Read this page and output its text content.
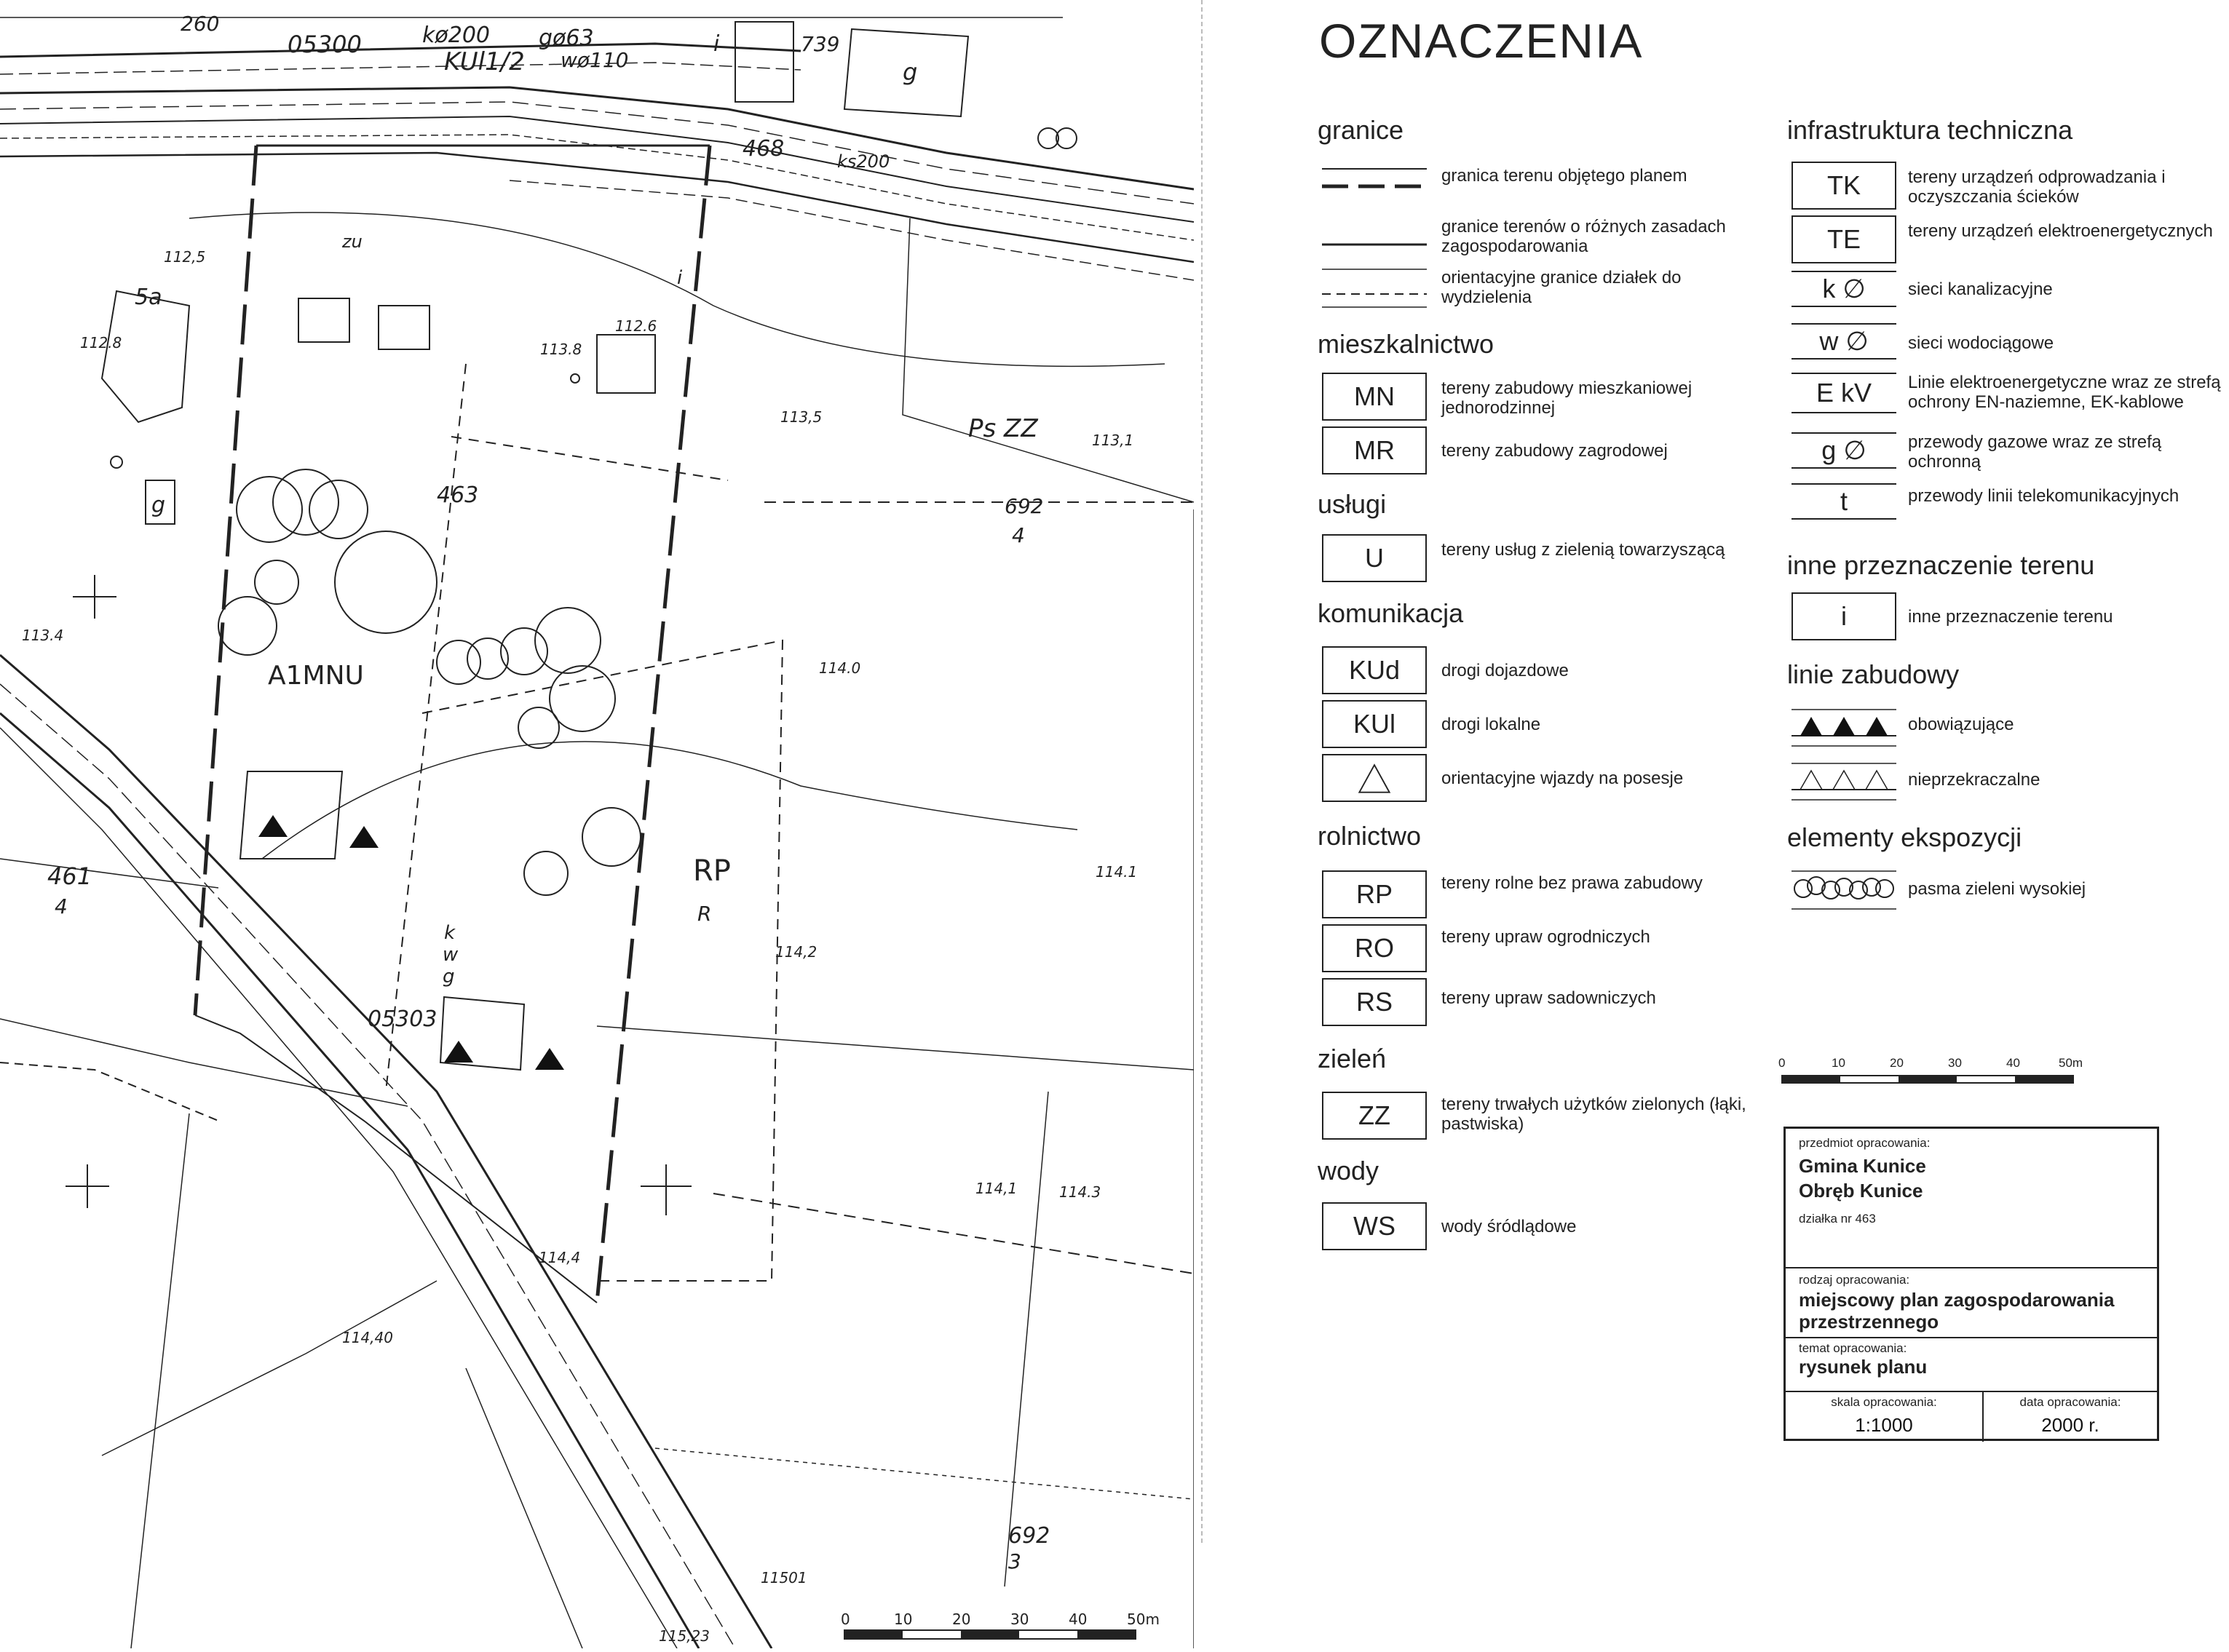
260
05300	kø200 gø63
KUl1/2 wø110
739
g
i
468	ks200
5a
112.8
112,5
g
zu
112.6
113.8
i
463	692
4
Ps ZZ	113,1
113,5
A1MNU
RP
R
114.0
114,2
114.1
114.3
114,1
114,40
114,4
113.4
461
4
05303
k
w
g
692
3
11501
115,23
0	10	20	30	40	50m
OZNACZENIA
granice
granica terenu objętego planem
granice terenów o różnych zasadach zagospodarowania
orientacyjne granice działek do wydzielenia
mieszkalnictwo
MN	tereny zabudowy mieszkaniowej jednorodzinnej
MR	tereny zabudowy zagrodowej
usługi
U	tereny usług z zielenią towarzyszącą
komunikacja
KUd	drogi dojazdowe
KUl	drogi lokalne
orientacyjne wjazdy na posesje
rolnictwo
RP	tereny rolne bez prawa zabudowy
RO	tereny upraw ogrodniczych
RS	tereny upraw sadowniczych
zieleń
ZZ	tereny trwałych użytków zielonych (łąki, pastwiska)
wody
WS	wody śródlądowe
infrastruktura techniczna
TK	tereny urządzeń odprowadzania i oczyszczania ścieków
TE	tereny urządzeń elektroenergetycznych
k ∅	sieci kanalizacyjne
w ∅	sieci wodociągowe
E kV	Linie elektroenergetyczne wraz ze strefą ochrony EN-naziemne, EK-kablowe
g ∅	przewody gazowe wraz ze strefą ochronną
t	przewody linii telekomunikacyjnych
inne przeznaczenie terenu
i	inne przeznaczenie terenu
linie zabudowy
obowiązujące
nieprzekraczalne
elementy ekspozycji
pasma zieleni wysokiej
0	10	20	30	40	50m
przedmiot opracowania:
Gmina Kunice
Obręb Kunice
działka nr 463
rodzaj opracowania:
miejscowy plan zagospodarowania
przestrzennego
temat opracowania:
rysunek planu
skala opracowania:
1:1000
data opracowania:
2000 r.
